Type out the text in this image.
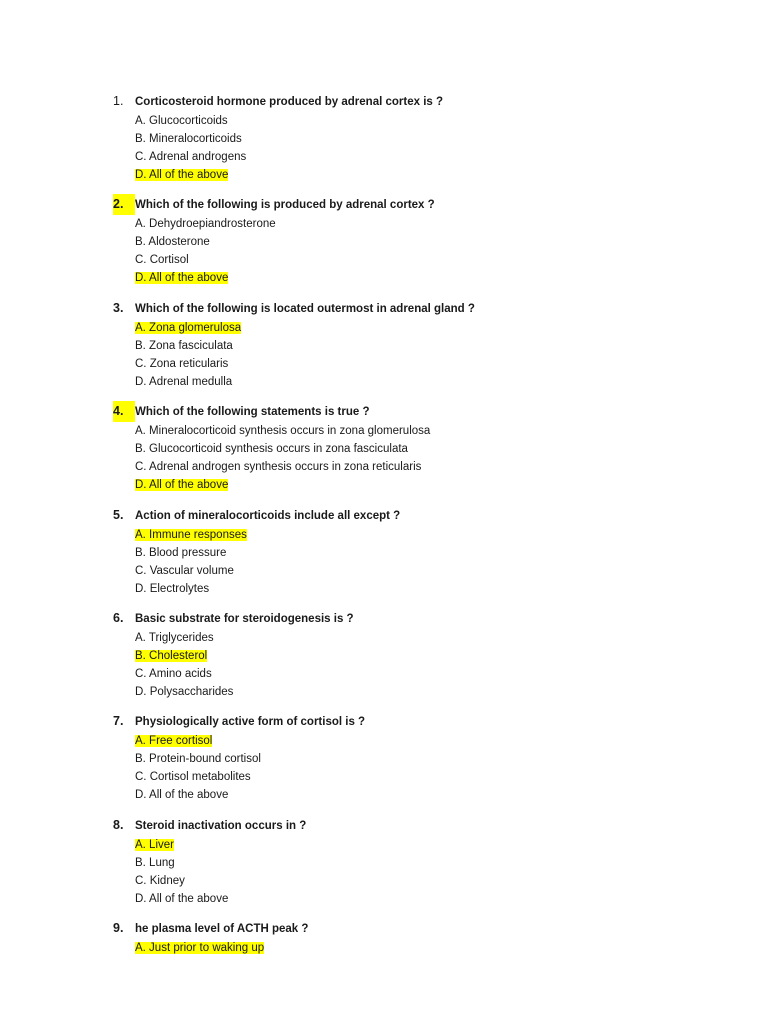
1.	Corticosteroid hormone produced by adrenal cortex is ?
A. Glucocorticoids
B. Mineralocorticoids
C. Adrenal androgens
D. All of the above
2.	Which of the following is produced by adrenal cortex ?
A. Dehydroepiandrosterone
B. Aldosterone
C. Cortisol
D. All of the above
3.	Which of the following is located outermost in adrenal gland ?
A. Zona glomerulosa
B. Zona fasciculata
C. Zona reticularis
D. Adrenal medulla
4.	Which of the following statements is true ?
A. Mineralocorticoid synthesis occurs in zona glomerulosa
B. Glucocorticoid synthesis occurs in zona fasciculata
C. Adrenal androgen synthesis occurs in zona reticularis
D. All of the above
5.	Action of mineralocorticoids include all except ?
A. Immune responses
B. Blood pressure
C. Vascular volume
D. Electrolytes
6.	Basic substrate for steroidogenesis is ?
A. Triglycerides
B. Cholesterol
C. Amino acids
D. Polysaccharides
7.	Physiologically active form of cortisol is ?
A. Free cortisol
B. Protein-bound cortisol
C. Cortisol metabolites
D. All of the above
8.	Steroid inactivation occurs in ?
A. Liver
B. Lung
C. Kidney
D. All of the above
9.	he plasma level of ACTH peak ?
A. Just prior to waking up
